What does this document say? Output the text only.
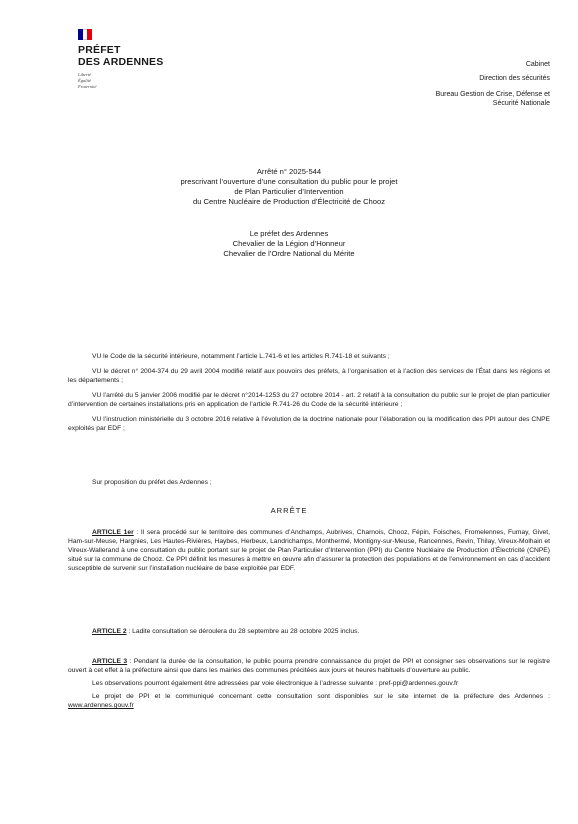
PRÉFET
DES ARDENNES
Liberté
Égalité
Fraternité
Cabinet
Direction des sécurités
Bureau Gestion de Crise, Défense et
Sécurité Nationale
Arrêté n° 2025-544
prescrivant l’ouverture d’une consultation du public pour le projet
de Plan Particulier d’Intervention
du Centre Nucléaire de Production d’Électricité de Chooz
Le préfet des Ardennes
Chevalier de la Légion d’Honneur
Chevalier de l’Ordre National du Mérite

VU le Code de la sécurité intérieure, notamment l’article L.741-6 et les articles R.741-18 et suivants ;

VU le décret n° 2004-374 du 29 avril 2004 modifié relatif aux pouvoirs des préfets, à l’organisation et à l’action des services de l’État dans les régions et les départements ;

VU l’arrêté du 5 janvier 2006 modifié par le décret n°2014-1253 du 27 octobre 2014 - art. 2 relatif à la consultation du public sur le projet de plan particulier d’intervention de certaines installations pris en application de l’article R.741-26 du Code de la sécurité intérieure ;

VU l’instruction ministérielle du 3 octobre 2016 relative à l’évolution de la doctrine nationale pour l’élaboration ou la modification des PPI autour des CNPE exploités par EDF ;

Sur proposition du préfet des Ardennes ;

ARRÊTE

ARTICLE 1er : Il sera procédé sur le territoire des communes d’Anchamps, Aubrives, Charnois, Chooz, Fépin, Foisches, Fromelennes, Fumay, Givet, Ham-sur-Meuse, Hargnies, Les Hautes-Rivières, Haybes, Herbeux, Landrichamps, Monthermé, Montigny-sur-Meuse, Rancennes, Revin, Thilay, Vireux-Molhain et Vireux-Wallerand à une consultation du public portant sur le projet de Plan Particulier d’Intervention (PPI) du Centre Nucléaire de Production d’Électricité (CNPE) situé sur la commune de Chooz. Ce PPI définit les mesures à mettre en œuvre afin d’assurer la protection des populations et de l’environnement en cas d’accident susceptible de survenir sur l’installation nucléaire de base exploitée par EDF.

ARTICLE 2 : Ladite consultation se déroulera du 28 septembre au 28 octobre 2025 inclus.

ARTICLE 3 : Pendant la durée de la consultation, le public pourra prendre connaissance du projet de PPI et consigner ses observations sur le registre ouvert à cet effet à la préfecture ainsi que dans les mairies des communes précitées aux jours et heures habituels d’ouverture au public.

Les observations pourront également être adressées par voie électronique à l’adresse suivante : pref-ppi@ardennes.gouv.fr

Le projet de PPI et le communiqué concernant cette consultation sont disponibles sur le site internet de la préfecture des Ardennes : www.ardennes.gouv.fr
